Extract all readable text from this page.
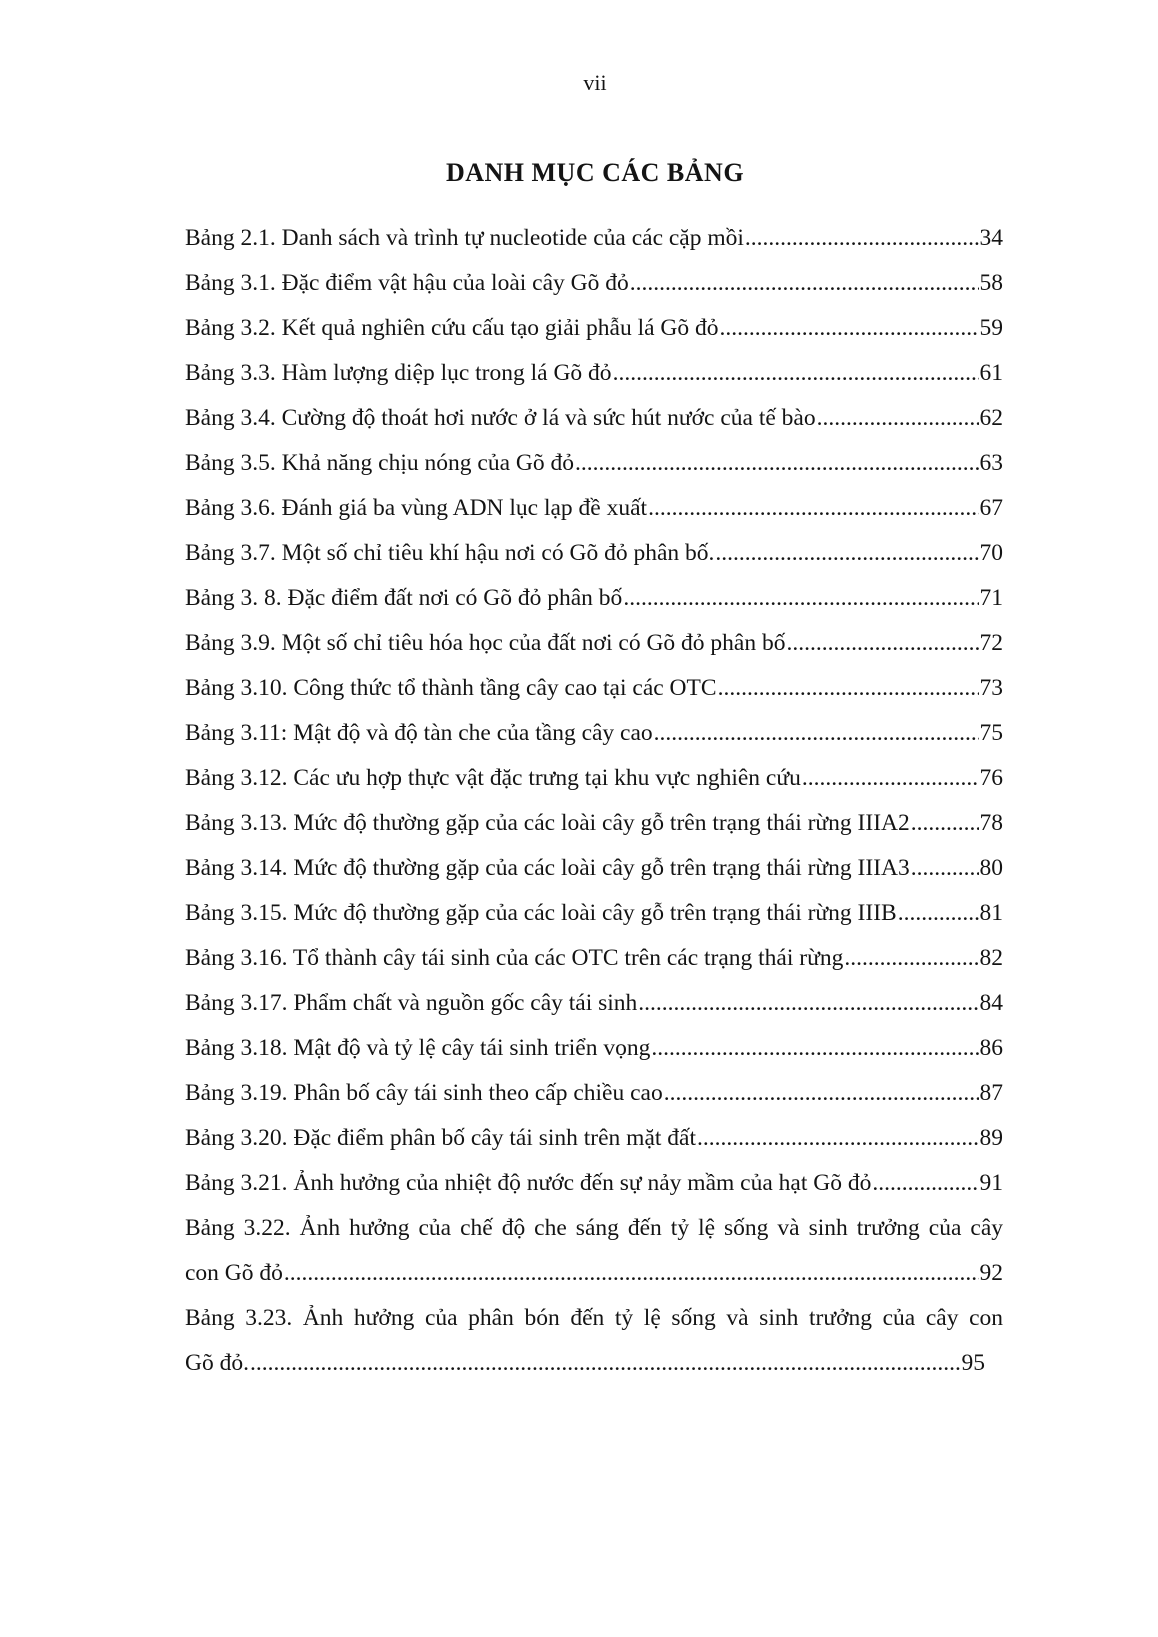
vii
DANH MỤC CÁC BẢNG
Bảng 2.1. Danh sách và trình tự nucleotide của các cặp mồi .....	34
Bảng 3.1. Đặc điểm vật hậu của loài cây Gõ đỏ .....	58
Bảng 3.2. Kết quả nghiên cứu cấu tạo giải phẫu lá Gõ đỏ .....	59
Bảng 3.3. Hàm lượng diệp lục trong lá Gõ đỏ .....	61
Bảng 3.4. Cường độ thoát hơi nước ở lá và sức hút nước của tế bào .....	62
Bảng 3.5. Khả năng chịu nóng của Gõ đỏ .....	63
Bảng 3.6. Đánh giá ba vùng ADN lục lạp đề xuất .....	67
Bảng 3.7. Một số chỉ tiêu khí hậu nơi có Gõ đỏ phân bố. .....	70
Bảng 3. 8. Đặc điểm đất nơi có Gõ đỏ phân bố .....	71
Bảng 3.9. Một số chỉ tiêu hóa học của đất nơi có Gõ đỏ phân bố .....	72
Bảng 3.10. Công thức tổ thành tầng cây cao tại các OTC .....	73
Bảng 3.11: Mật độ và độ tàn che của tầng cây cao .....	75
Bảng 3.12. Các ưu hợp thực vật đặc trưng tại khu vực nghiên cứu .....	76
Bảng 3.13. Mức độ thường gặp của các loài cây gỗ trên trạng thái rừng IIIA2 .....	78
Bảng 3.14. Mức độ thường gặp của các loài cây gỗ trên trạng thái rừng IIIA3 .....	80
Bảng 3.15. Mức độ thường gặp của các loài cây gỗ trên trạng thái rừng IIIB .....	81
Bảng 3.16. Tổ thành cây tái sinh của các OTC trên các trạng thái rừng .....	82
Bảng 3.17. Phẩm chất và nguồn gốc cây tái sinh .....	84
Bảng 3.18. Mật độ và tỷ lệ cây tái sinh triển vọng .....	86
Bảng 3.19. Phân bố cây tái sinh theo cấp chiều cao .....	87
Bảng 3.20. Đặc điểm phân bố cây tái sinh trên mặt đất .....	89
Bảng 3.21. Ảnh hưởng của nhiệt độ nước đến sự nảy mầm của hạt Gõ đỏ .....	91
Bảng 3.22. Ảnh hưởng của chế độ che sáng đến tỷ lệ sống và sinh trưởng của cây
con Gõ đỏ .....	92
Bảng 3.23. Ảnh hưởng của phân bón đến tỷ lệ sống và sinh trưởng của cây con
Gõ đỏ. .....	95
